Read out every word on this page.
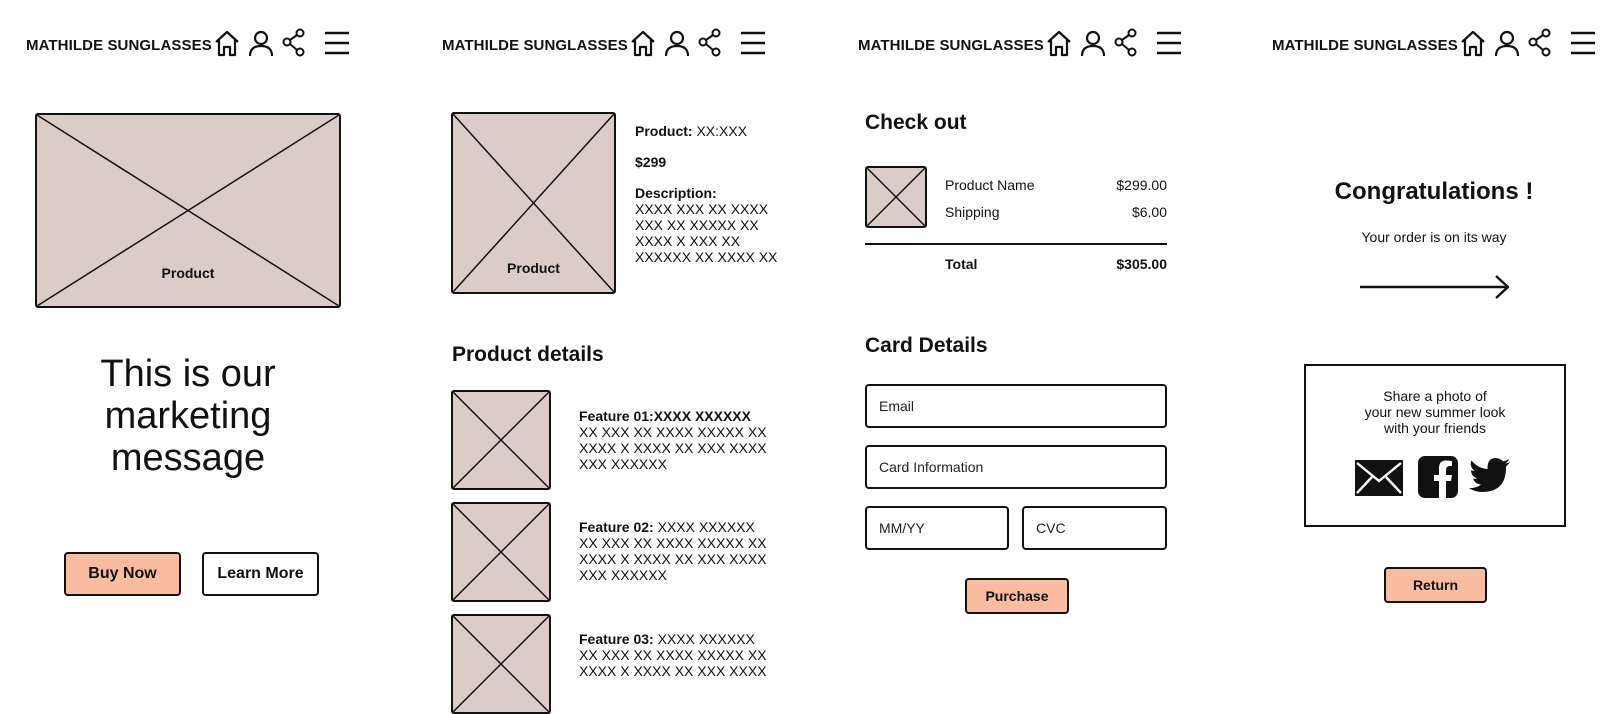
MATHILDE SUNGLASSES
Product
This is our
marketing
message
Buy Now	Learn More
MATHILDE SUNGLASSES
Product
Product: XX:XXX
$299
Description:
XXXX XXX XX XXXX
XXX XX XXXXX XX
XXXX X XXX XX
XXXXXX XX XXXX XX
Product details
Feature 01:XXXX XXXXXX
XX XXX XX XXXX XXXXX XX
XXXX X XXXX XX XXX XXXX
XXX XXXXXX
Feature 02: XXXX XXXXXX
XX XXX XX XXXX XXXXX XX
XXXX X XXXX XX XXX XXXX
XXX XXXXXX
Feature 03: XXXX XXXXXX
XX XXX XX XXXX XXXXX XX
XXXX X XXXX XX XXX XXXX
MATHILDE SUNGLASSES
Check out
Product Name	$299.00
Shipping	$6.00
Total	$305.00
Card Details
Email
Card Information
MM/YY	CVC
Purchase
MATHILDE SUNGLASSES
Congratulations !
Your order is on its way
Share a photo of
your new summer look
with your friends
Return
